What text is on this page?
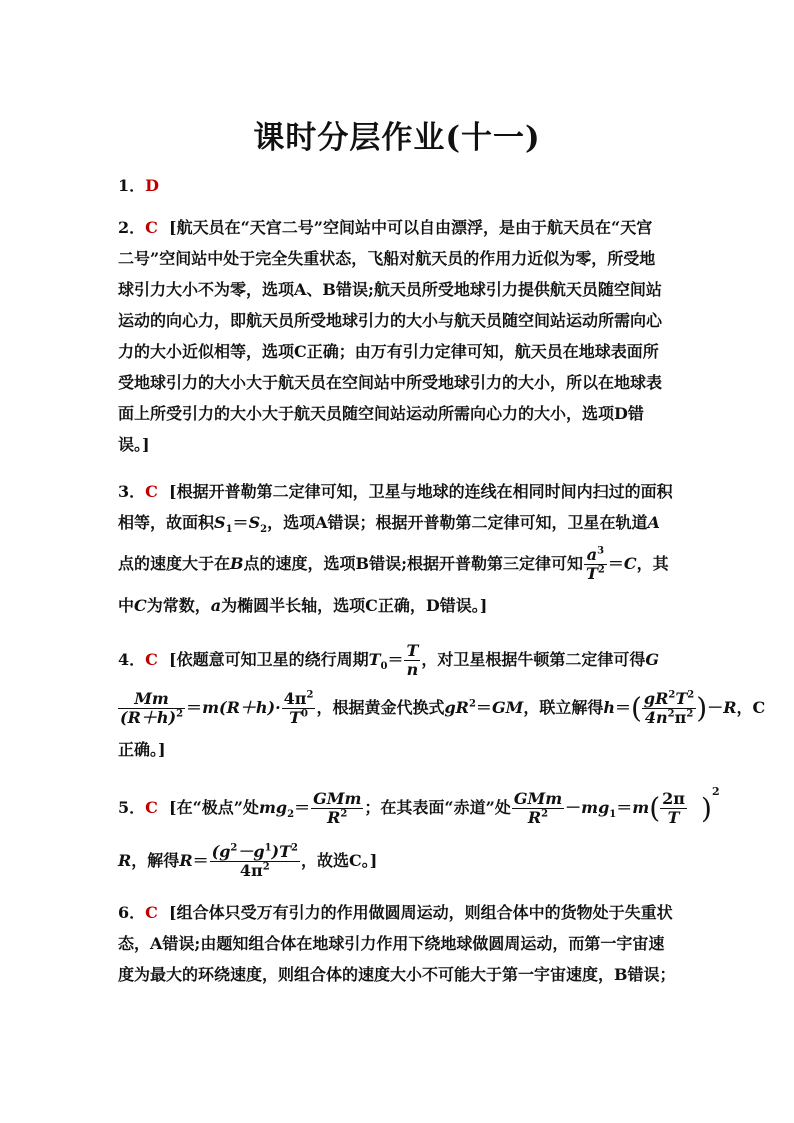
课时分层作业(十一)
1．D
2．C [航天员在“天宫二号”空间站中可以自由漂浮，是由于航天员在“天宫
二号”空间站中处于完全失重状态，飞船对航天员的作用力近似为零，所受地
球引力大小不为零，选项A、B错误;航天员所受地球引力提供航天员随空间站
运动的向心力，即航天员所受地球引力的大小与航天员随空间站运动所需向心
力的大小近似相等，选项C正确；由万有引力定律可知，航天员在地球表面所
受地球引力的大小大于航天员在空间站中所受地球引力的大小，所以在地球表
面上所受引力的大小大于航天员随空间站运动所需向心力的大小，选项D错
误。]
3．C [根据开普勒第二定律可知，卫星与地球的连线在相同时间内扫过的面积
相等，故面积$S_1=S_2$，选项A错误；根据开普勒第二定律可知，卫星在轨道A
点的速度大于在B点的速度，选项B错误;根据开普勒第三定律可知 $\frac{a^3}{T^2} =C$，其
中C为常数，a为椭圆半长轴，选项C正确，D错误。]
4．C [依题意可知卫星的绕行周期$T_0= \frac{T}{n}$ ，对卫星根据牛顿第二定律可得G
$\frac{Mm}{(R+h)^2} =m(R+h)\cdot \frac{4\pi^2}{T^0}$ ，根据黄金代换式$gR^2=GM$，联立解得$h=( \frac{gR^2T^2}{4n^2\pi^2} )-R$，C
正确。]
5．C [在“极点”处$mg_2= \frac{\text{GMm}}{R^2}$ ；在其表面“赤道”处 $\frac{\text{GMm}}{R^2} -mg_1=m( \frac{2\pi}{T} )^2$
R，解得$R= \frac{(g^2-g^1)T^2}{4\pi^2}$ ，故选C。]
6．C [组合体只受万有引力的作用做圆周运动，则组合体中的货物处于失重状
态，A错误;由题知组合体在地球引力作用下绕地球做圆周运动，而第一宇宙速
度为最大的环绕速度，则组合体的速度大小不可能大于第一宇宙速度，B错误；
